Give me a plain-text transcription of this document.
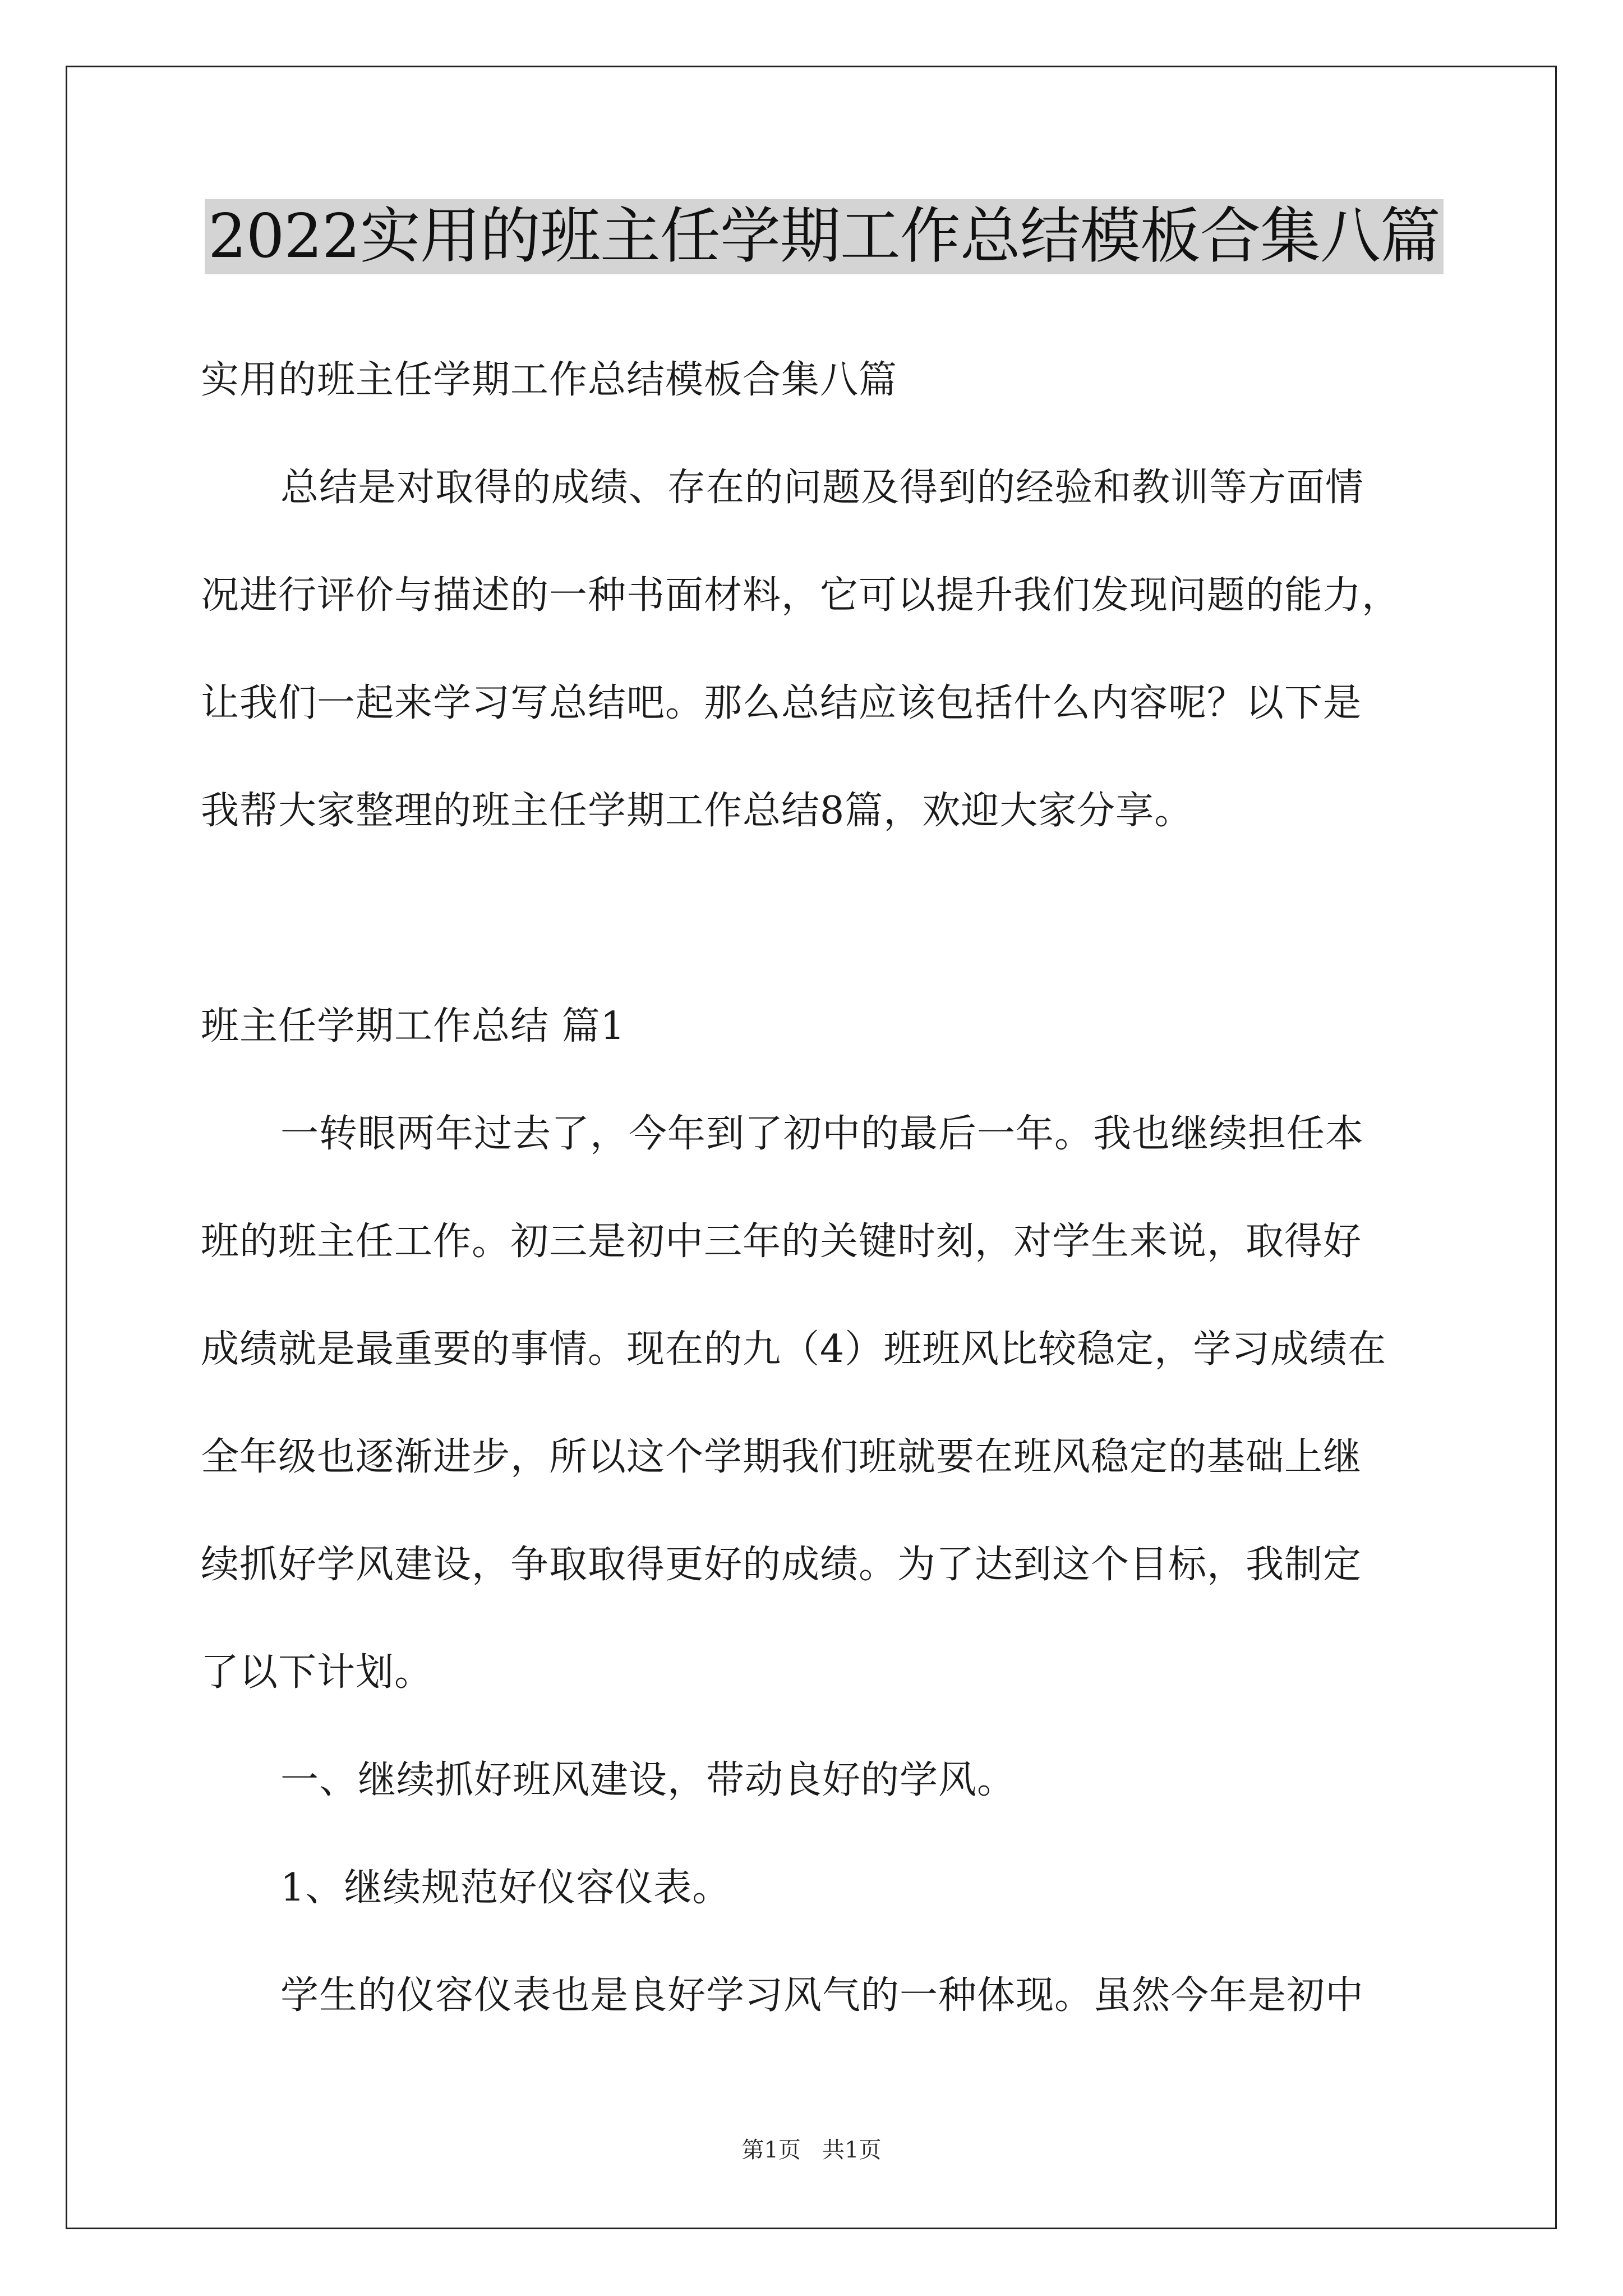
2022实用的班主任学期工作总结模板合集八篇
实用的班主任学期工作总结模板合集八篇
总结是对取得的成绩、存在的问题及得到的经验和教训等方面情
况进行评价与描述的一种书面材料，它可以提升我们发现问题的能力，
让我们一起来学习写总结吧。那么总结应该包括什么内容呢？以下是
我帮大家整理的班主任学期工作总结8篇，欢迎大家分享。
班主任学期工作总结 篇1
一转眼两年过去了，今年到了初中的最后一年。我也继续担任本
班的班主任工作。初三是初中三年的关键时刻，对学生来说，取得好
成绩就是最重要的事情。现在的九（4）班班风比较稳定，学习成绩在
全年级也逐渐进步，所以这个学期我们班就要在班风稳定的基础上继
续抓好学风建设，争取取得更好的成绩。为了达到这个目标，我制定
了以下计划。
一、继续抓好班风建设，带动良好的学风。
1、继续规范好仪容仪表。
学生的仪容仪表也是良好学习风气的一种体现。虽然今年是初中
第1页   共1页
